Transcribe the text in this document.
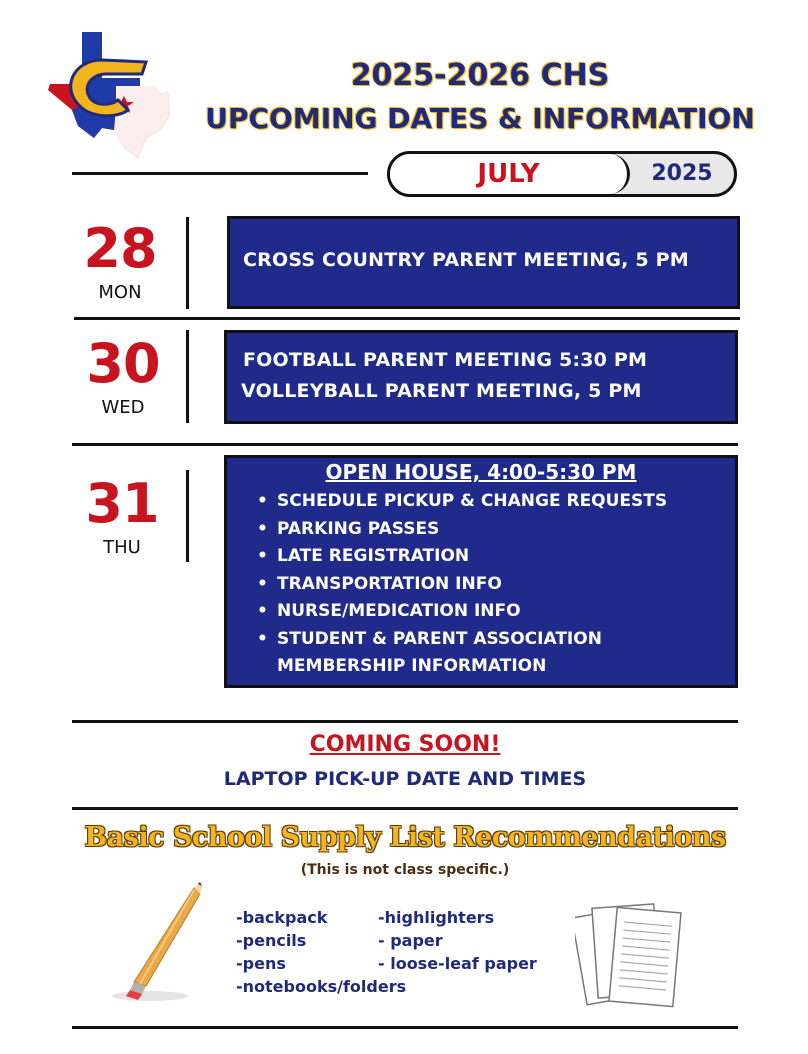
2025-2026 CHS
UPCOMING DATES & INFORMATION
JULY	2025
28
MON
CROSS COUNTRY PARENT MEETING, 5 PM
30
WED
FOOTBALL PARENT MEETING 5:30 PM
VOLLEYBALL PARENT MEETING, 5 PM
31
THU
OPEN HOUSE, 4:00-5:30 PM
• SCHEDULE PICKUP & CHANGE REQUESTS
• PARKING PASSES
• LATE REGISTRATION
• TRANSPORTATION INFO
• NURSE/MEDICATION INFO
• STUDENT & PARENT ASSOCIATION MEMBERSHIP INFORMATION
COMING SOON!
LAPTOP PICK-UP DATE AND TIMES
Basic School Supply List Recommendations
(This is not class specific.)
-backpack
-pencils
-pens
-notebooks/folders
-highlighters
- paper
- loose-leaf paper
